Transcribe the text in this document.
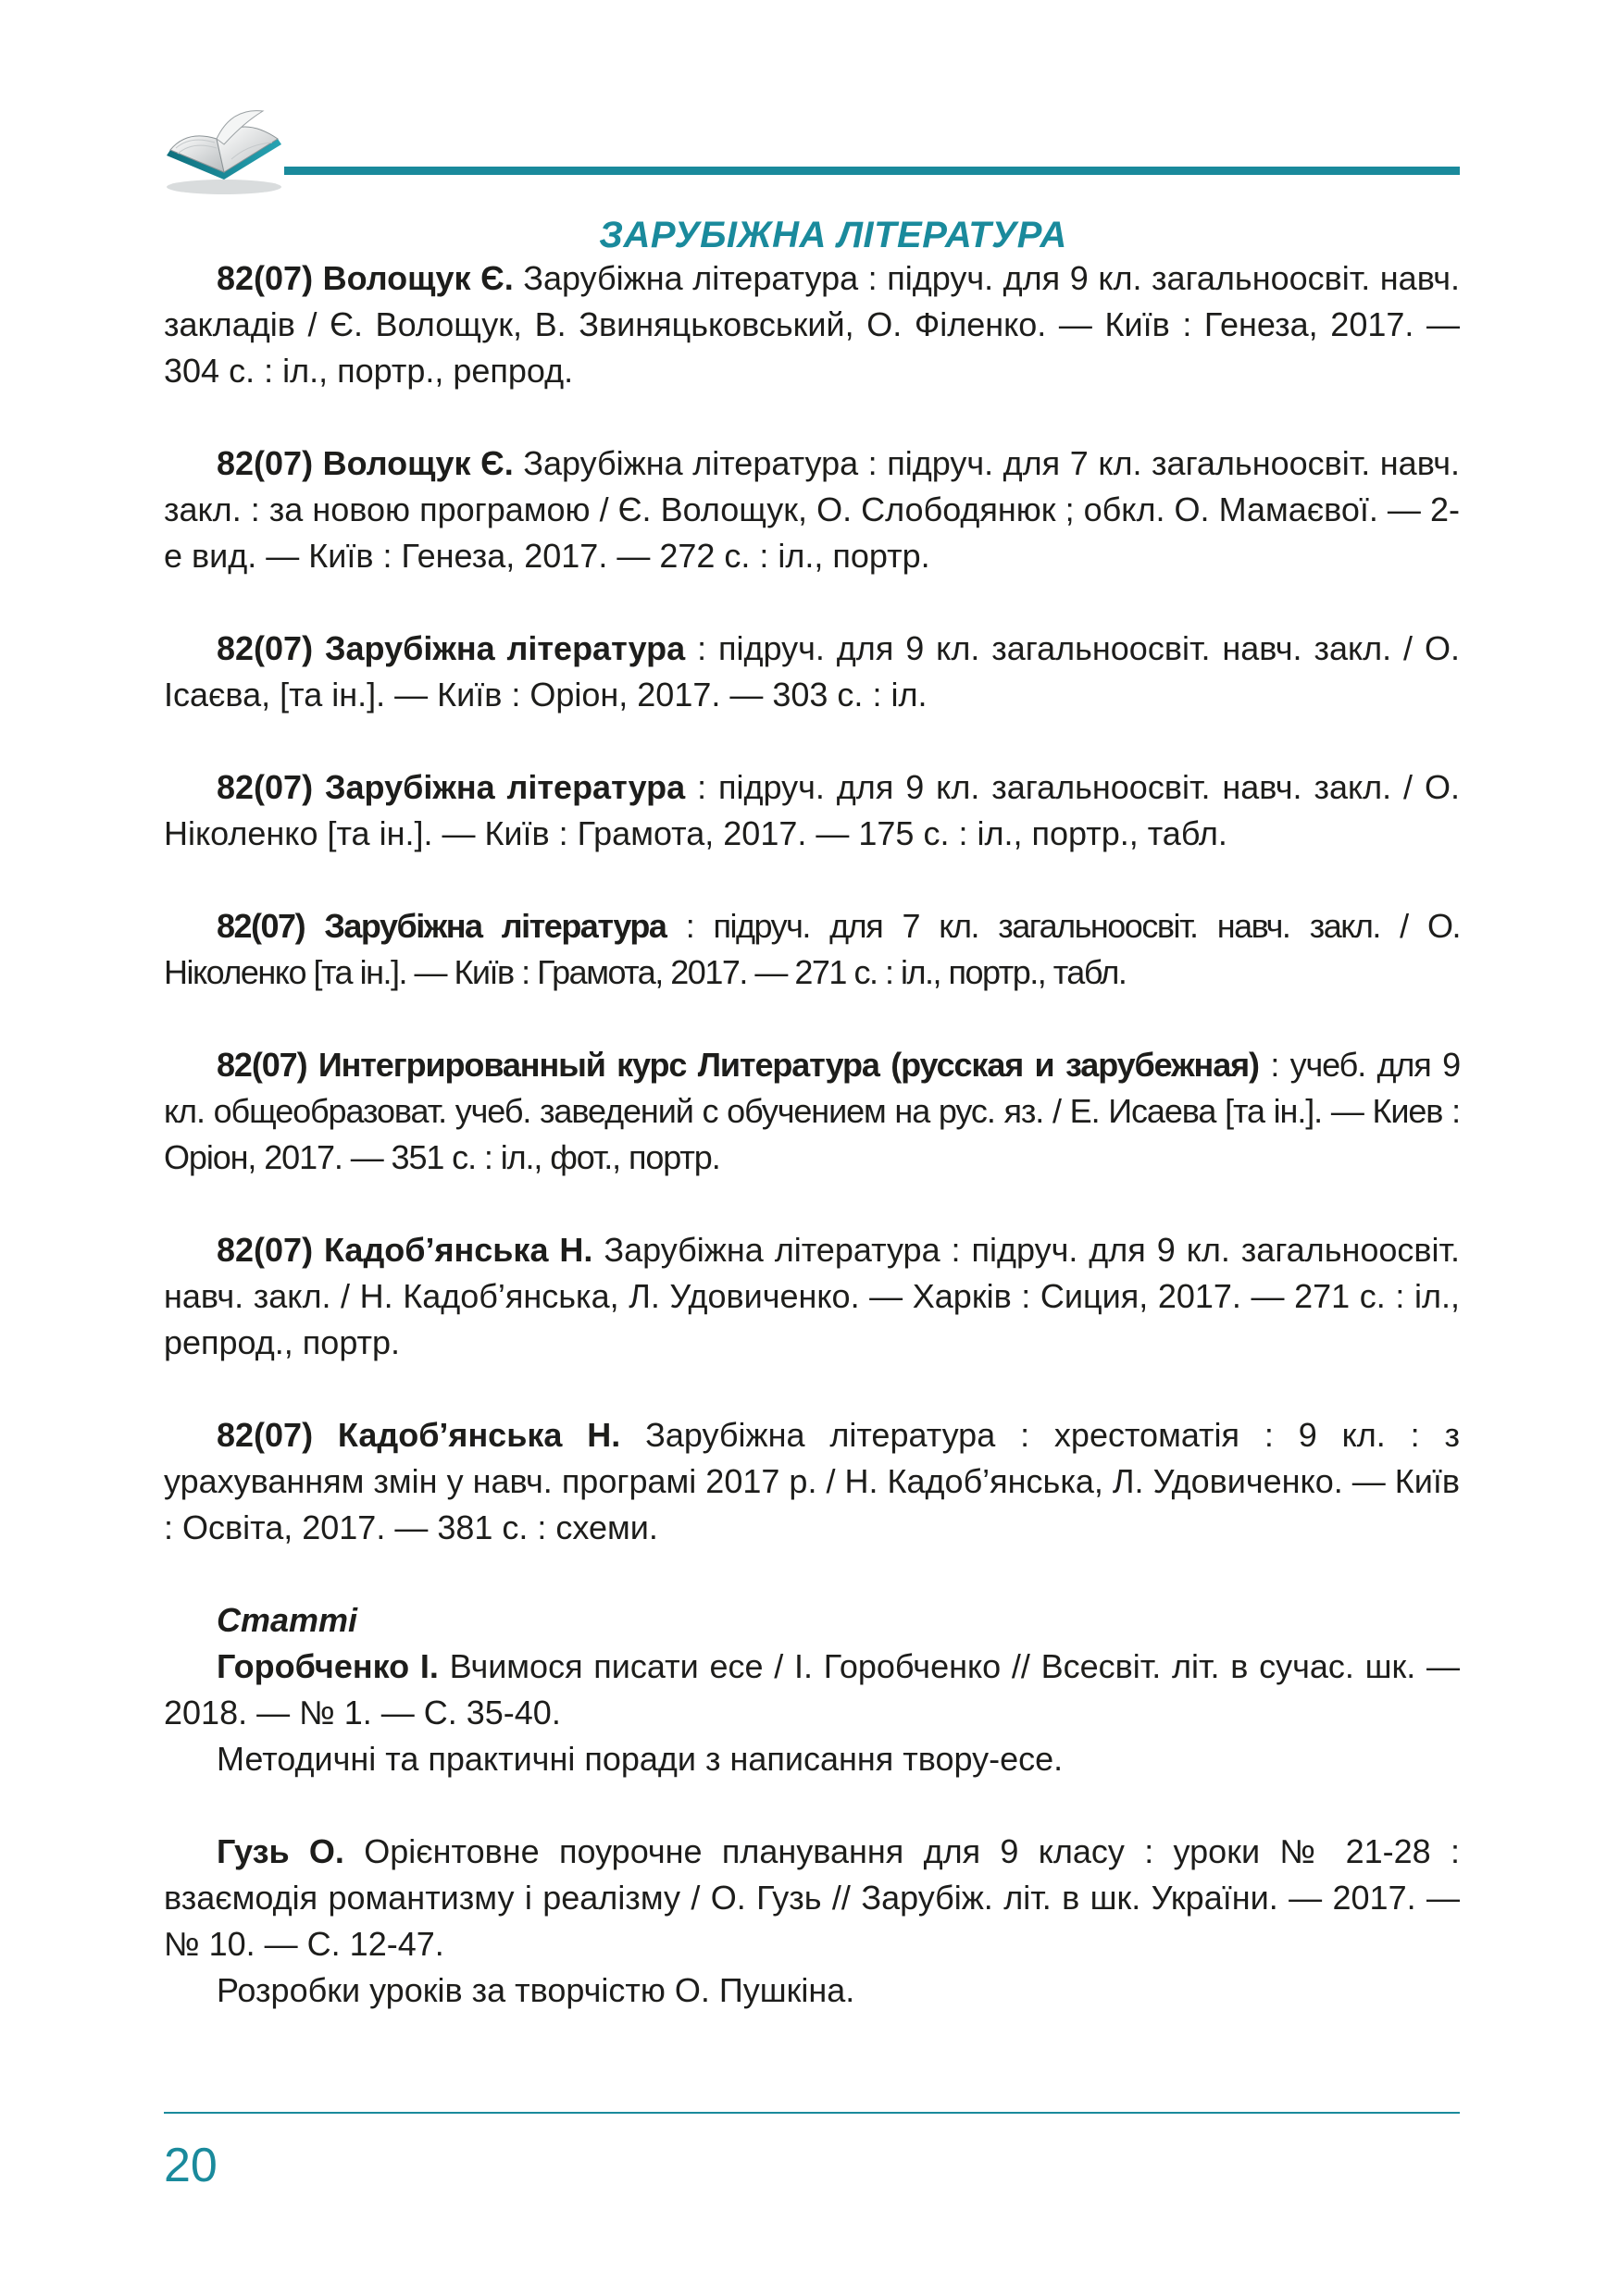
ЗАРУБІЖНА ЛІТЕРАТУРА

82(07) Волощук Є. Зарубіжна література : підруч. для 9 кл. загальноосвіт. навч. закладів / Є. Волощук, В. Звиняцьковський, О. Філенко. — Київ : Генеза, 2017. — 304 с. : іл., портр., репрод.

82(07) Волощук Є. Зарубіжна література : підруч. для 7 кл. загальноосвіт. навч. закл. : за новою програмою / Є. Волощук, О. Слободянюк ; обкл. О. Мамаєвої. — 2-е вид. — Київ : Генеза, 2017. — 272 с. : іл., портр.

82(07) Зарубіжна література : підруч. для 9 кл. загальноосвіт. навч. закл. / О. Ісаєва, [та ін.]. — Київ : Оріон, 2017. — 303 с. : іл.

82(07) Зарубіжна література : підруч. для 9 кл. загальноосвіт. навч. закл. / О. Ніколенко [та ін.]. — Київ : Грамота, 2017. — 175 с. : іл., портр., табл.

82(07) Зарубіжна література : підруч. для 7 кл. загальноосвіт. навч. закл. / О. Ніколенко [та ін.]. — Київ : Грамота, 2017. — 271 с. : іл., портр., табл.

82(07) Интегрированный курс Литература (русская и зарубежная) : учеб. для 9 кл. общеобразоват. учеб. заведений с обучением на рус. яз. / Е. Исаева [та ін.]. — Киев : Оріон, 2017. — 351 с. : іл., фот., портр.

82(07) Кадоб’янська Н. Зарубіжна література : підруч. для 9 кл. загальноосвіт. навч. закл. / Н. Кадоб’янська, Л. Удовиченко. — Харків : Сиция, 2017. — 271 с. : іл., репрод., портр.

82(07) Кадоб’янська Н. Зарубіжна література : хрестоматія : 9 кл. : з урахуванням змін у навч. програмі 2017 р. / Н. Кадоб’янська, Л. Удовиченко. — Київ : Освіта, 2017. — 381 с. : схеми.

Статті

Горобченко І. Вчимося писати есе / І. Горобченко // Всесвіт. літ. в сучас. шк. — 2018. — № 1. — С. 35-40.

Методичні та практичні поради з написання твору-есе.

Гузь О. Орієнтовне поурочне планування для 9 класу : уроки № 21-28 : взаємодія романтизму і реалізму / О. Гузь // Зарубіж. літ. в шк. України. — 2017. — № 10. — С. 12-47.

Розробки уроків за творчістю О. Пушкіна.

20
